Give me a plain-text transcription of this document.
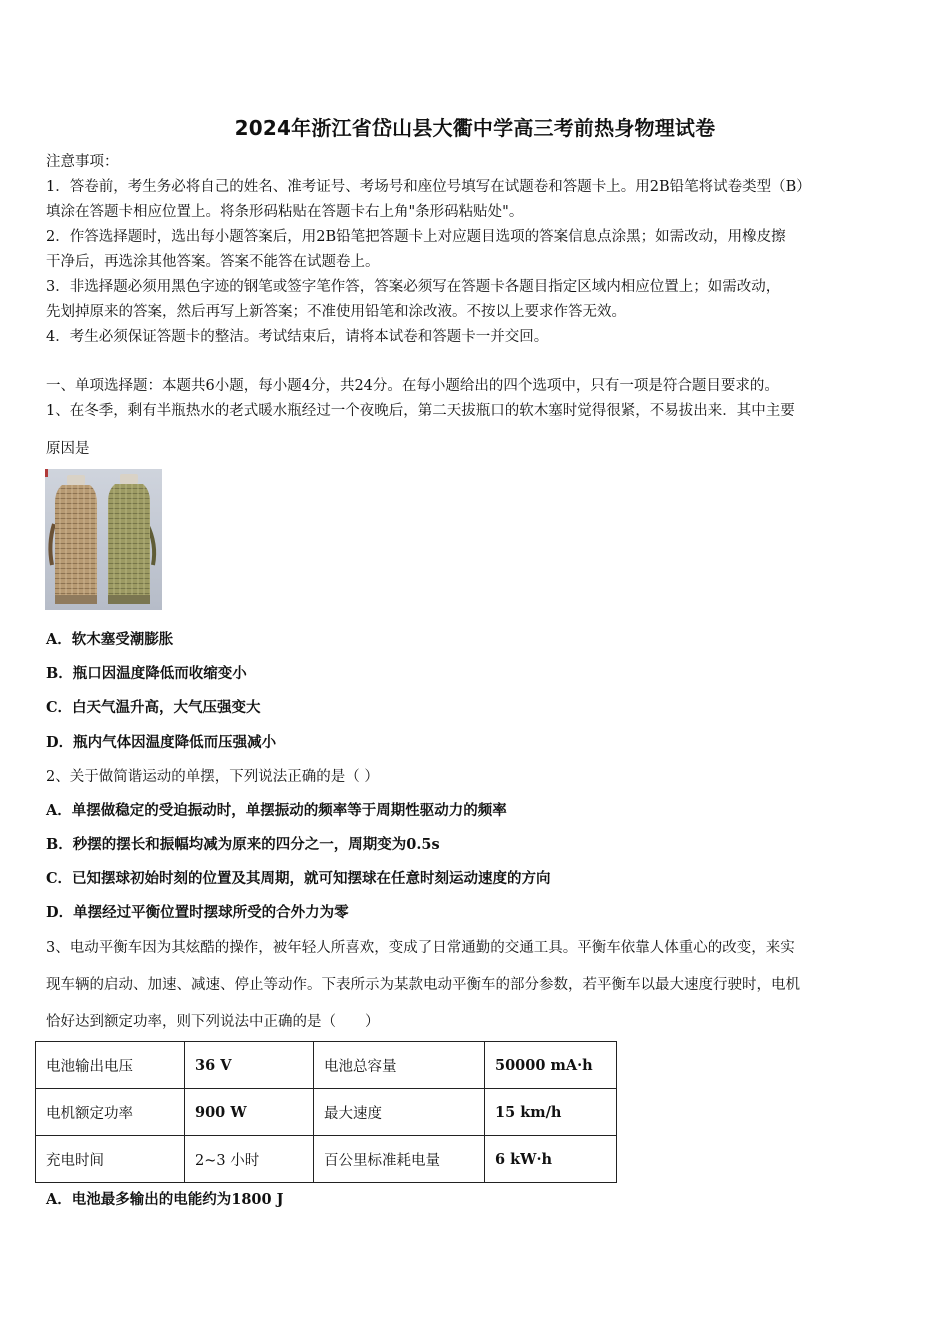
2024年浙江省岱山县大衢中学高三考前热身物理试卷
注意事项：
1．答卷前，考生务必将自己的姓名、准考证号、考场号和座位号填写在试题卷和答题卡上。用2B铅笔将试卷类型（B）
填涂在答题卡相应位置上。将条形码粘贴在答题卡右上角"条形码粘贴处"。
2．作答选择题时，选出每小题答案后，用2B铅笔把答题卡上对应题目选项的答案信息点涂黑；如需改动，用橡皮擦
干净后，再选涂其他答案。答案不能答在试题卷上。
3．非选择题必须用黑色字迹的钢笔或签字笔作答，答案必须写在答题卡各题目指定区域内相应位置上；如需改动，
先划掉原来的答案，然后再写上新答案；不准使用铅笔和涂改液。不按以上要求作答无效。
4．考生必须保证答题卡的整洁。考试结束后，请将本试卷和答题卡一并交回。
一、单项选择题：本题共6小题，每小题4分，共24分。在每小题给出的四个选项中，只有一项是符合题目要求的。
1、在冬季，剩有半瓶热水的老式暖水瓶经过一个夜晚后，第二天拔瓶口的软木塞时觉得很紧，不易拔出来．其中主要
原因是
A．软木塞受潮膨胀
B．瓶口因温度降低而收缩变小
C．白天气温升高，大气压强变大
D．瓶内气体因温度降低而压强减小
2、关于做简谐运动的单摆，下列说法正确的是（ ）
A．单摆做稳定的受迫振动时，单摆振动的频率等于周期性驱动力的频率
B．秒摆的摆长和振幅均减为原来的四分之一，周期变为0.5s
C．已知摆球初始时刻的位置及其周期，就可知摆球在任意时刻运动速度的方向
D．单摆经过平衡位置时摆球所受的合外力为零
3、电动平衡车因为其炫酷的操作，被年轻人所喜欢，变成了日常通勤的交通工具。平衡车依靠人体重心的改变，来实
现车辆的启动、加速、减速、停止等动作。下表所示为某款电动平衡车的部分参数，若平衡车以最大速度行驶时，电机
恰好达到额定功率，则下列说法中正确的是（　　）
电池输出电压	36 V	电池总容量	50000 mA·h
电机额定功率	900 W	最大速度	15 km/h
充电时间	2~3 小时	百公里标准耗电量	6 kW·h
A．电池最多输出的电能约为1800 J
